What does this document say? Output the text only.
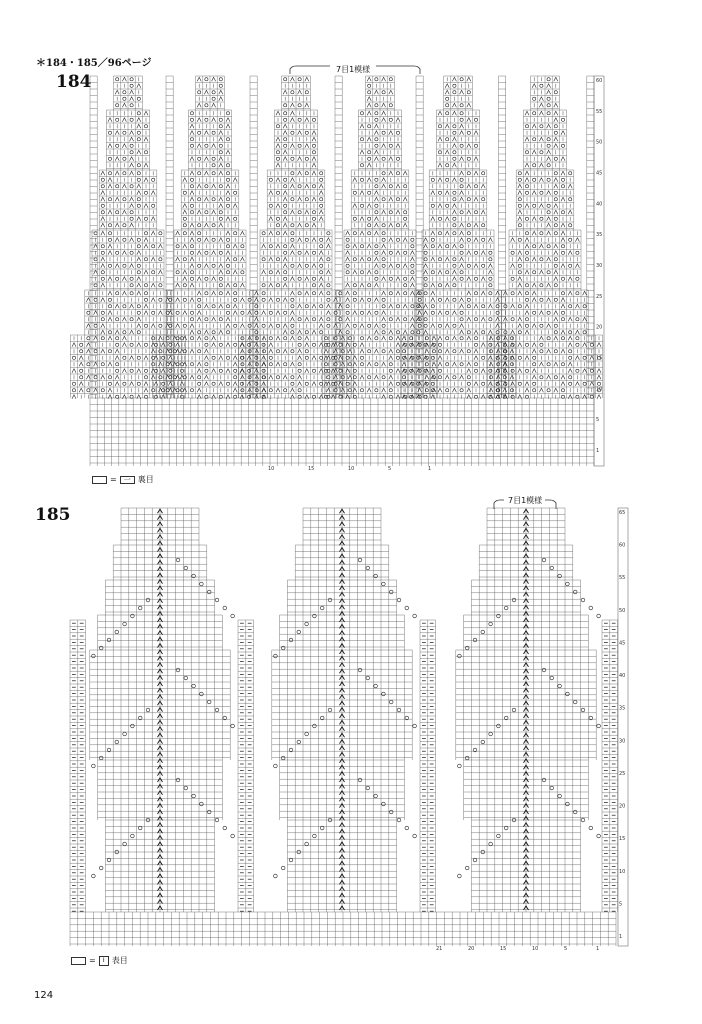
＊184・185／96ページ
184
7目1模様
60
55
50
45
40
35
30
25
20
15
10
5
1
10	15	10	5	1
65
60
55
50
45
40
35
30
25
20
15
10
5
1
21	20	15	10	5	1
7目1模様
=	一 裏目
185
=	I 表目
124
